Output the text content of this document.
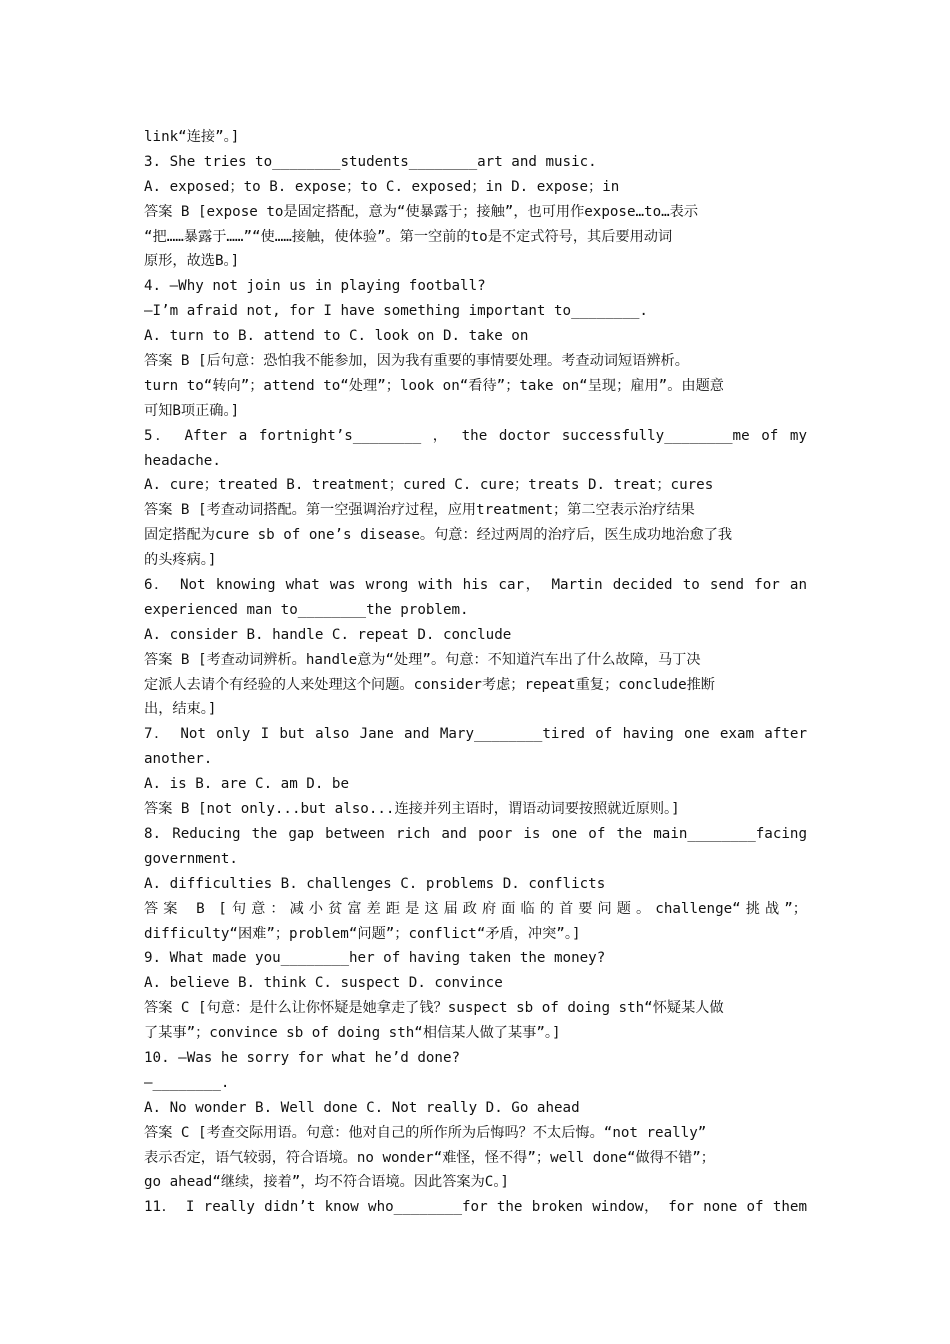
link“连接”。]
3. She tries to________students________art and music.
A. exposed；to B. expose；to C. exposed；in D. expose；in
答案 B [expose to是固定搭配，意为“使暴露于；接触”，也可用作expose…to…表示
“把……暴露于……”“使……接触，使体验”。第一空前的to是不定式符号，其后要用动词
原形，故选B。]
4. —Why not join us in playing football?
—I’m afraid not, for I have something important to________.
A. turn to B. attend to C. look on D. take on
答案 B [后句意：恐怕我不能参加，因为我有重要的事情要处理。考查动词短语辨析。
turn to“转向”；attend to“处理”；look on“看待”；take on“呈现；雇用”。由题意
可知B项正确。]
5． After a fortnight’s________ ， the doctor successfully________me of my
headache.
A. cure；treated B. treatment；cured C. cure；treats D. treat；cures
答案 B [考查动词搭配。第一空强调治疗过程，应用treatment；第二空表示治疗结果
固定搭配为cure sb of one’s disease。句意：经过两周的治疗后，医生成功地治愈了我
的头疼病。]
6． Not knowing what was wrong with his car， Martin decided to send for an
experienced man to________the problem.
A. consider B. handle C. repeat D. conclude
答案 B [考查动词辨析。handle意为“处理”。句意：不知道汽车出了什么故障，马丁决
定派人去请个有经验的人来处理这个问题。consider考虑；repeat重复；conclude推断
出，结束。]
7． Not only I but also Jane and Mary________tired of having one exam after
another.
A. is B. are C. am D. be
答案 B [not only...but also...连接并列主语时，谓语动词要按照就近原则。]
8. Reducing the gap between rich and poor is one of the main________facing
government.
A. difficulties B. challenges C. problems D. conflicts
答案 B [句意：减小贫富差距是这届政府面临的首要问题。challenge“挑战”；
difficulty“困难”；problem“问题”；conflict“矛盾，冲突”。]
9. What made you________her of having taken the money?
A. believe B. think C. suspect D. convince
答案 C [句意：是什么让你怀疑是她拿走了钱？suspect sb of doing sth“怀疑某人做
了某事”；convince sb of doing sth“相信某人做了某事”。]
10. —Was he sorry for what he’d done?
—________.
A. No wonder B. Well done C. Not really D. Go ahead
答案 C [考查交际用语。句意：他对自己的所作所为后悔吗？不太后悔。“not really”
表示否定，语气较弱，符合语境。no wonder“难怪，怪不得”；well done“做得不错”；
go ahead“继续，接着”，均不符合语境。因此答案为C。]
11． I really didn’t know who________for the broken window， for none of them
